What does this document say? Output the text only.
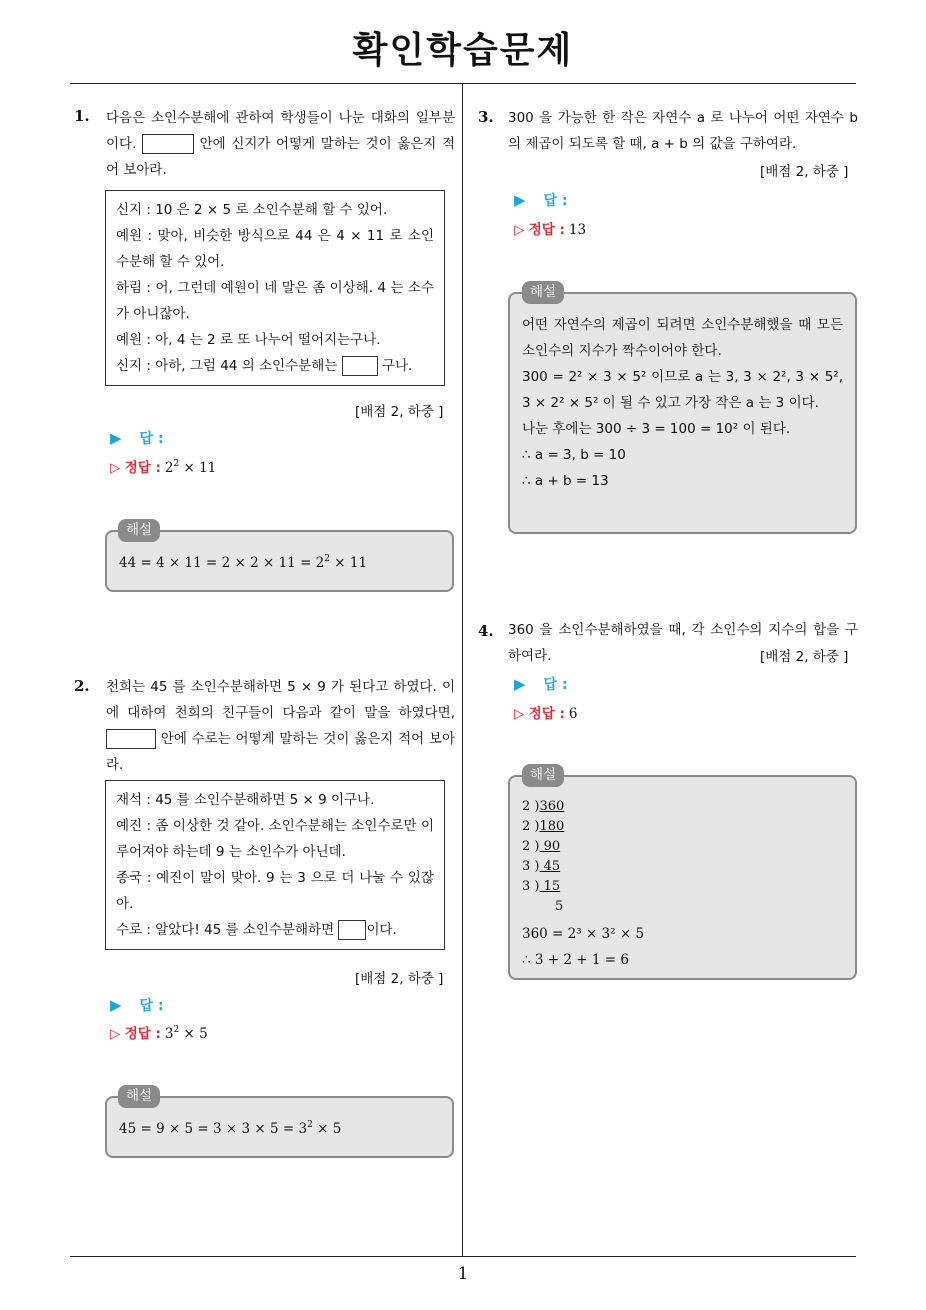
확인학습문제
1
1. 다음은 소인수분해에 관하여 학생들이 나눈 대화의 일부분이다.	안에 신지가 어떻게 말하는 것이 옳은지 적어 보아라.

신지 : 10 은 2 × 5 로 소인수분해 할 수 있어.

예원 : 맞아, 비슷한 방식으로 44 은 4 × 11 로 소인수분해 할 수 있어.

하림 : 어, 그런데 예원이 네 말은 좀 이상해. 4 는 소수가 아니잖아.

예원 : 아, 4 는 2 로 또 나누어 떨어지는구나.

신지 : 아하, 그럼 44 의 소인수분해는	구나.

[배점 2, 하중 ]
▶ 답 :
▷ 정답 : $2^2 \times 11$
$44 = 4 \times 11 = 2 \times 2 \times 11 = 2^2 \times 11$
해설
2. 천희는 45 를 소인수분해하면 5 × 9 가 된다고 하였다. 이에 대하여 천희의 친구들이 다음과 같이 말을 하였다면,  안에 수로는 어떻게 말하는 것이 옳은지 적어 보아라.

재석 : 45 를 소인수분해하면 5 × 9 이구나.

예진 : 좀 이상한 것 같아. 소인수분해는 소인수로만 이루어져야 하는데 9 는 소인수가 아닌데.

종국 : 예진이 말이 맞아. 9 는 3 으로 더 나눌 수 있잖아.

수로 : 알았다! 45 를 소인수분해하면 이다.

[배점 2, 하중 ]
▶ 답 :
▷ 정답 : $3^2 \times 5$
$45 = 9 \times 5 = 3 \times 3 \times 5 = 3^2 \times 5$
해설
3. 300 을 가능한 한 작은 자연수 a 로 나누어 어떤 자연수 b 의 제곱이 되도록 할 때, a + b 의 값을 구하여라.
[배점 2, 하중 ]
▶ 답 :
▷ 정답 : 13

어떤 자연수의 제곱이 되려면 소인수분해했을 때 모든 소인수의 지수가 짝수이어야 한다.

300 = 2² × 3 × 5² 이므로 a 는 3, 3 × 2², 3 × 5², 3 × 2² × 5² 이 될 수 있고 가장 작은 a 는 3 이다.

나눈 후에는 300 ÷ 3 = 100 = 10² 이 된다.

∴ a = 3, b = 10

∴ a + b = 13

해설
4. 360 을 소인수분해하였을 때, 각 소인수의 지수의 합을 구하여라.	[배점 2, 하중 ]
▶ 답 :
▷ 정답 : 6
2 )360
2 )180
2 ) 90
3 ) 45
3 ) 15
5
360 = 2³ × 3² × 5
∴ 3 + 2 + 1 = 6
해설
